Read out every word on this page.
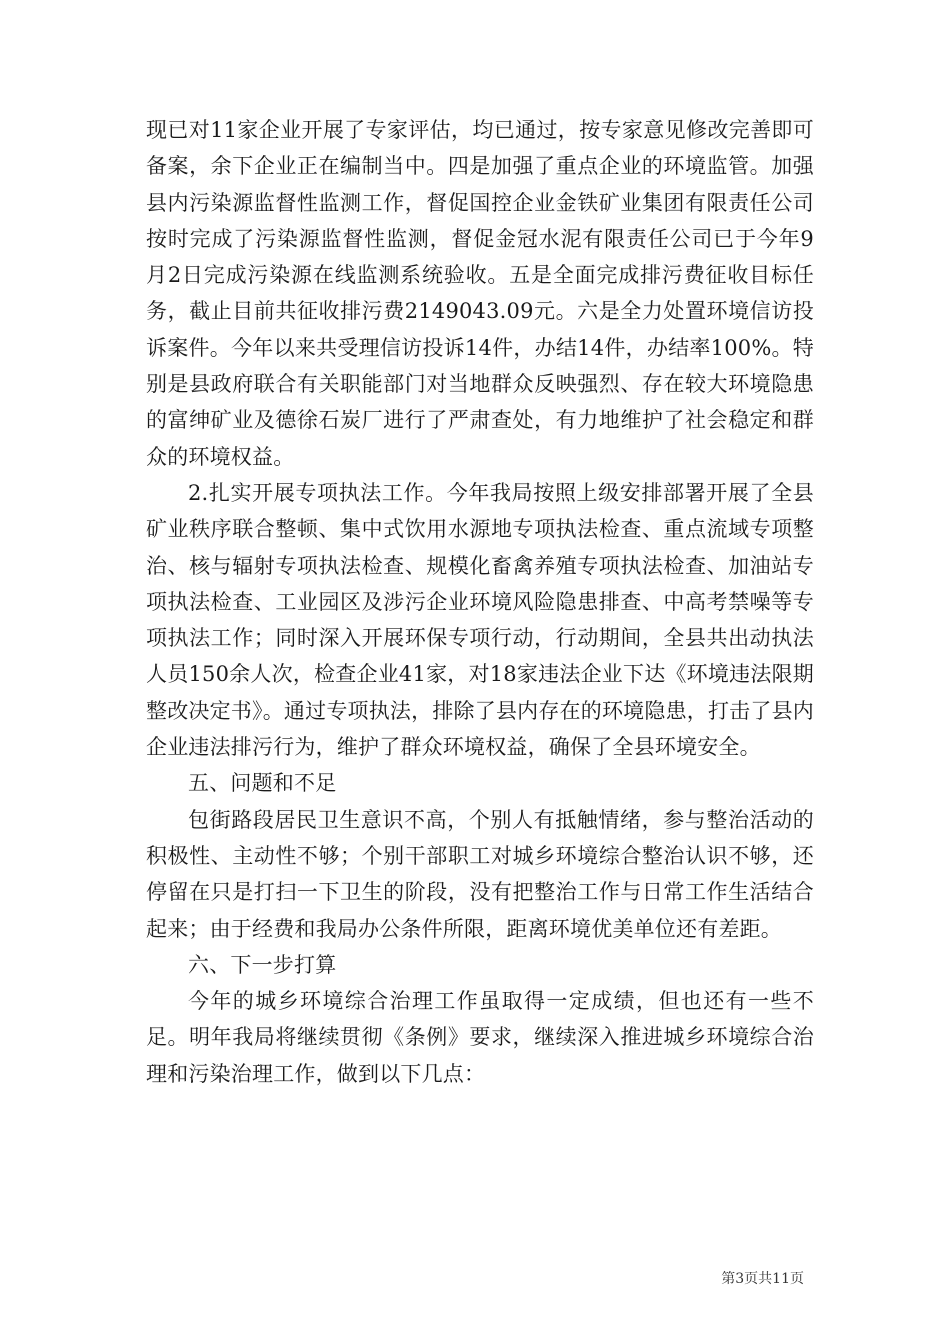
现已对11家企业开展了专家评估，均已通过，按专家意见修改完善即可备案，余下企业正在编制当中。四是加强了重点企业的环境监管。加强县内污染源监督性监测工作，督促国控企业金铁矿业集团有限责任公司按时完成了污染源监督性监测，督促金冠水泥有限责任公司已于今年9月2日完成污染源在线监测系统验收。五是全面完成排污费征收目标任务，截止目前共征收排污费2149043.09元。六是全力处置环境信访投诉案件。今年以来共受理信访投诉14件，办结14件，办结率100%。特别是县政府联合有关职能部门对当地群众反映强烈、存在较大环境隐患的富绅矿业及德徐石炭厂进行了严肃查处，有力地维护了社会稳定和群众的环境权益。

2.扎实开展专项执法工作。今年我局按照上级安排部署开展了全县矿业秩序联合整顿、集中式饮用水源地专项执法检查、重点流域专项整治、核与辐射专项执法检查、规模化畜禽养殖专项执法检查、加油站专项执法检查、工业园区及涉污企业环境风险隐患排查、中高考禁噪等专项执法工作；同时深入开展环保专项行动，行动期间，全县共出动执法人员150余人次，检查企业41家，对18家违法企业下达《环境违法限期整改决定书》。通过专项执法，排除了县内存在的环境隐患，打击了县内企业违法排污行为，维护了群众环境权益，确保了全县环境安全。

五、问题和不足

包街路段居民卫生意识不高，个别人有抵触情绪，参与整治活动的积极性、主动性不够；个别干部职工对城乡环境综合整治认识不够，还停留在只是打扫一下卫生的阶段，没有把整治工作与日常工作生活结合起来；由于经费和我局办公条件所限，距离环境优美单位还有差距。

六、下一步打算

今年的城乡环境综合治理工作虽取得一定成绩，但也还有一些不足。明年我局将继续贯彻《条例》要求，继续深入推进城乡环境综合治理和污染治理工作，做到以下几点：

第3页共11页
